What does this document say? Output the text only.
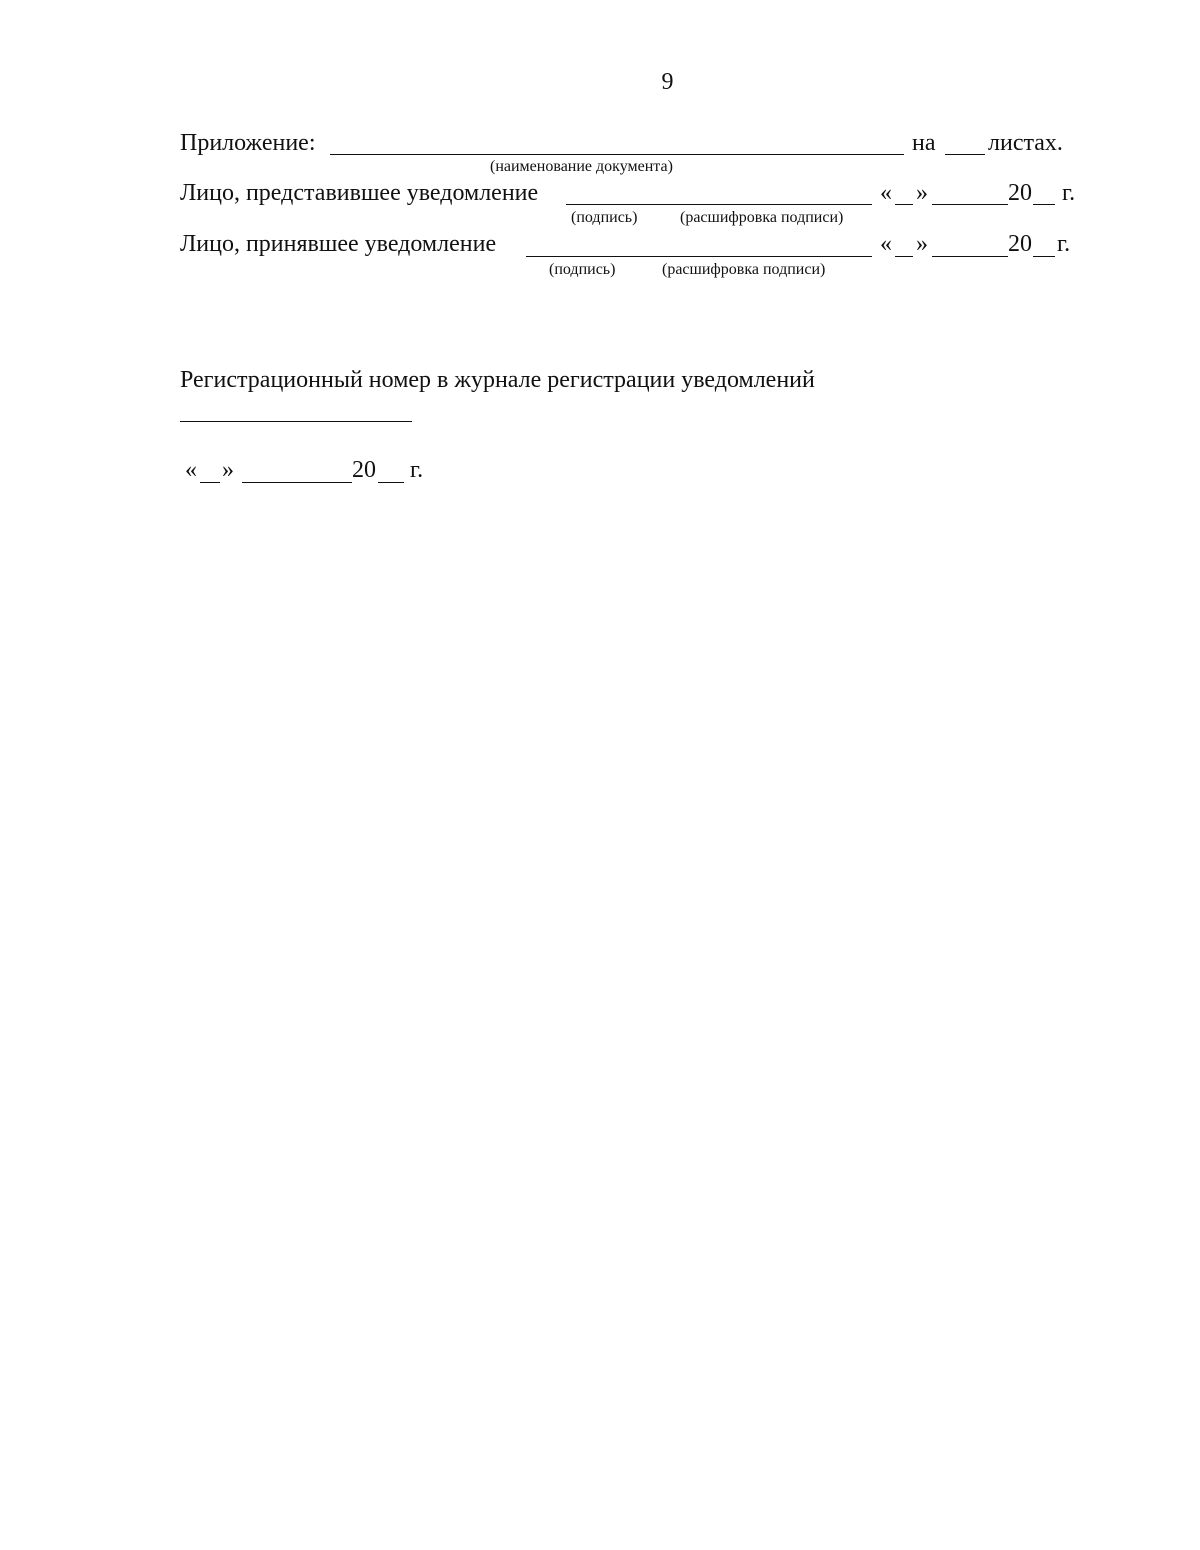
9
Приложение:	на листах.
(наименование документа)
Лицо, представившее уведомление
(подпись)	(расшифровка подписи)
« »	20 г.
Лицо, принявшее уведомление
(подпись)	(расшифровка подписи)
« »	20 г.
Регистрационный номер в журнале регистрации уведомлений
« »	20 г.
